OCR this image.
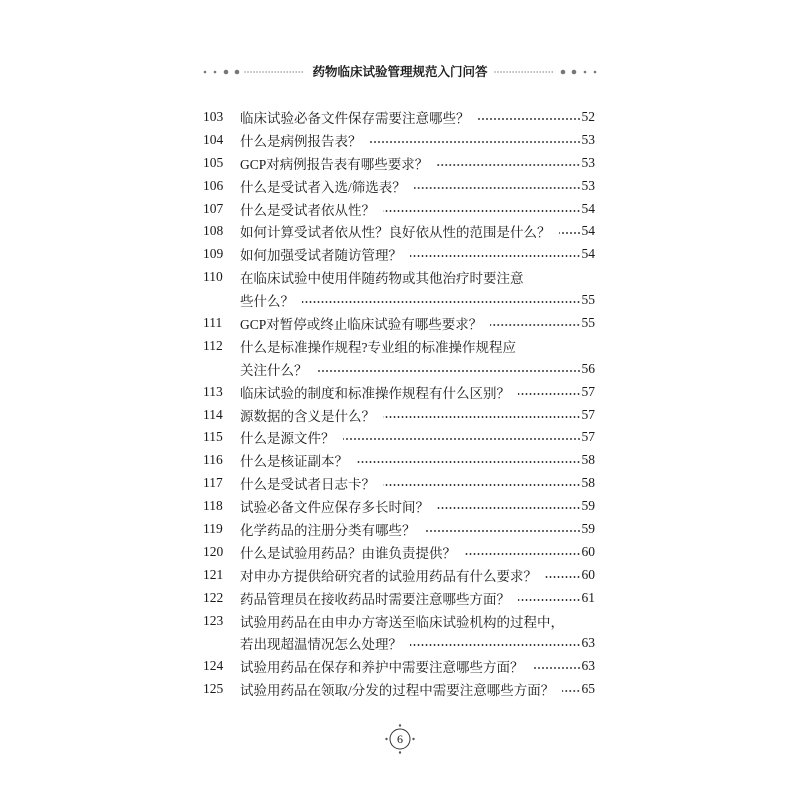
药物临床试验管理规范入门问答
103	临床试验必备文件保存需要注意哪些？	52
104	什么是病例报告表？	53
105	GCP对病例报告表有哪些要求？	53
106	什么是受试者入选/筛选表？	53
107	什么是受试者依从性？	54
108	如何计算受试者依从性？良好依从性的范围是什么？ 54
109	如何加强受试者随访管理？	54
110	在临床试验中使用伴随药物或其他治疗时要注意
些什么？	55
111	GCP对暂停或终止临床试验有哪些要求？	55
112	什么是标准操作规程?专业组的标准操作规程应
关注什么？	56
113	临床试验的制度和标准操作规程有什么区别？	57
114	源数据的含义是什么？	57
115	什么是源文件？	57
116	什么是核证副本？	58
117	什么是受试者日志卡？	58
118	试验必备文件应保存多长时间？	59
119	化学药品的注册分类有哪些？	59
120	什么是试验用药品？由谁负责提供？	60
121	对申办方提供给研究者的试验用药品有什么要求？	60
122	药品管理员在接收药品时需要注意哪些方面？	61
123	试验用药品在由申办方寄送至临床试验机构的过程中，
若出现超温情况怎么处理？	63
124	试验用药品在保存和养护中需要注意哪些方面？	63
125	试验用药品在领取/分发的过程中需要注意哪些方面？ 65
6
